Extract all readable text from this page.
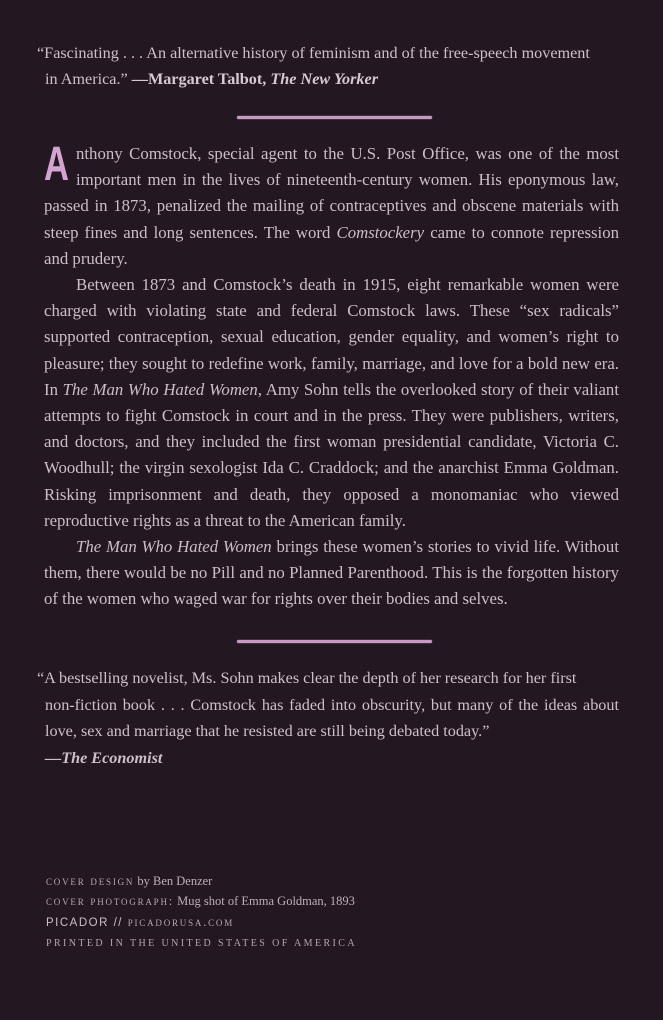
“Fascinating . . . An alternative history of feminism and of the free-speech movement
in America.” —Margaret Talbot, The New Yorker

Anthony Comstock, special agent to the U.S. Post Office, was one of the most important men in the lives of nineteenth-century women. His eponymous law, passed in 1873, penalized the mailing of contraceptives and obscene materials with steep fines and long sentences. The word Comstockery came to connote repression and prudery.

Between 1873 and Comstock’s death in 1915, eight remarkable women were charged with violating state and federal Comstock laws. These “sex radicals” supported contraception, sexual education, gender equality, and women’s right to pleasure; they sought to redefine work, family, marriage, and love for a bold new era. In The Man Who Hated Women, Amy Sohn tells the overlooked story of their valiant attempts to fight Comstock in court and in the press. They were publishers, writers, and doctors, and they included the first woman presidential candidate, Victoria C. Woodhull; the virgin sexologist Ida C. Craddock; and the anarchist Emma Goldman. Risking imprisonment and death, they opposed a monomaniac who viewed reproductive rights as a threat to the American family.

The Man Who Hated Women brings these women’s stories to vivid life. Without them, there would be no Pill and no Planned Parenthood. This is the forgotten history of the women who waged war for rights over their bodies and selves.

“A bestselling novelist, Ms. Sohn makes clear the depth of her research for her first
non-fiction book . . . Comstock has faded into obscurity, but many of the ideas about love, sex and marriage that he resisted are still being debated today.”
—The Economist
cover design by Ben Denzer
cover photograph: Mug shot of Emma Goldman, 1893
PICADOR // picadorusa.com
PRINTED IN THE UNITED STATES OF AMERICA
